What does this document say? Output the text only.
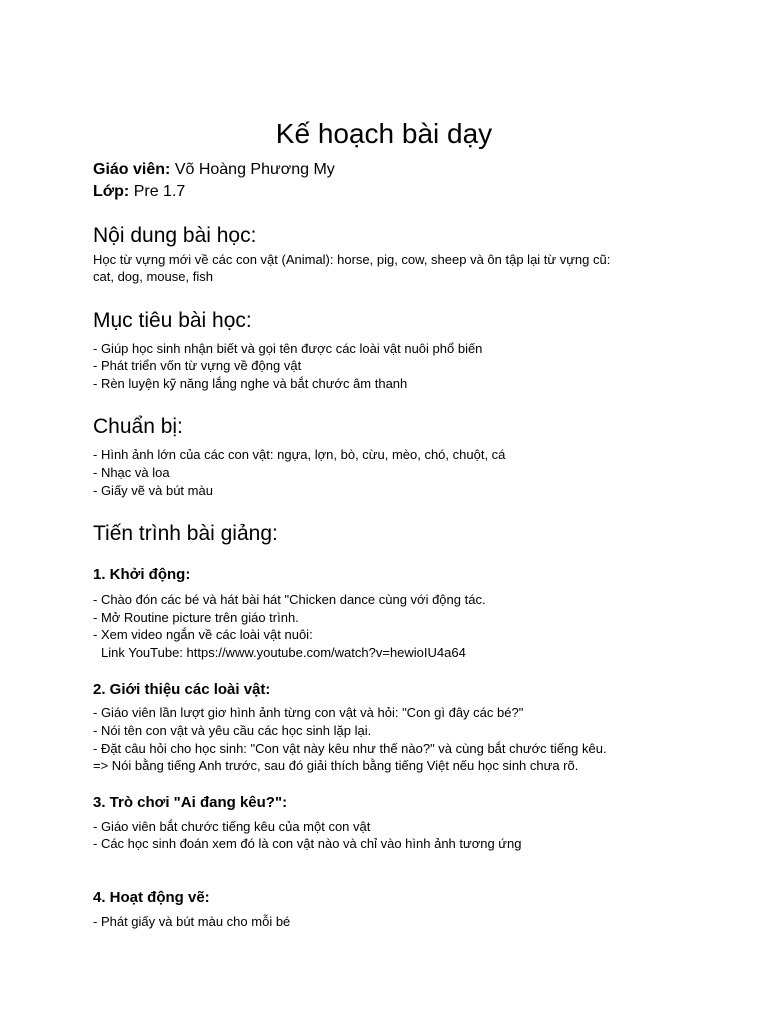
Kế hoạch bài dạy
Giáo viên: Võ Hoàng Phương My
Lớp: Pre 1.7
Nội dung bài học:
Học từ vựng mới về các con vật (Animal): horse, pig, cow, sheep và ôn tập lại từ vựng cũ:
cat, dog, mouse, fish
Mục tiêu bài học:
- Giúp học sinh nhận biết và gọi tên được các loài vật nuôi phổ biến
- Phát triển vốn từ vựng về động vật
- Rèn luyện kỹ năng lắng nghe và bắt chước âm thanh
Chuẩn bị:
- Hình ảnh lớn của các con vật: ngựa, lợn, bò, cừu, mèo, chó, chuột, cá
- Nhạc và loa
- Giấy vẽ và bút màu
Tiến trình bài giảng:
1. Khởi động:
- Chào đón các bé và hát bài hát "Chicken dance cùng với động tác.
- Mở Routine picture trên giáo trình.
- Xem video ngắn về các loài vật nuôi:
Link YouTube: https://www.youtube.com/watch?v=hewioIU4a64
2. Giới thiệu các loài vật:
- Giáo viên lần lượt giơ hình ảnh từng con vật và hỏi: "Con gì đây các bé?"
- Nói tên con vật và yêu cầu các học sinh lặp lại.
- Đặt câu hỏi cho học sinh: "Con vật này kêu như thế nào?" và cùng bắt chước tiếng kêu.
=> Nói bằng tiếng Anh trước, sau đó giải thích bằng tiếng Việt nếu học sinh chưa rõ.
3. Trò chơi "Ai đang kêu?":
- Giáo viên bắt chước tiếng kêu của một con vật
- Các học sinh đoán xem đó là con vật nào và chỉ vào hình ảnh tương ứng
4. Hoạt động vẽ:
- Phát giấy và bút màu cho mỗi bé
